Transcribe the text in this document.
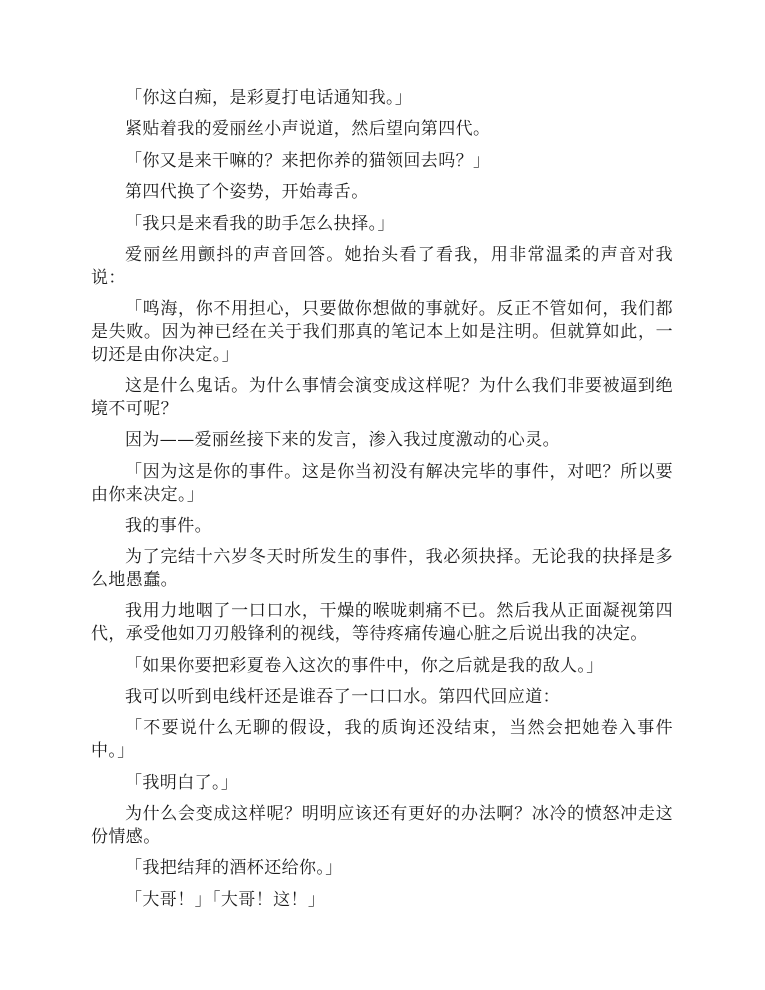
「你这白痴，是彩夏打电话通知我。」

紧贴着我的爱丽丝小声说道，然后望向第四代。

「你又是来干嘛的？来把你养的猫领回去吗？」

第四代换了个姿势，开始毒舌。

「我只是来看我的助手怎么抉择。」

爱丽丝用颤抖的声音回答。她抬头看了看我，用非常温柔的声音对我说：

「鸣海，你不用担心，只要做你想做的事就好。反正不管如何，我们都是失败。因为神已经在关于我们那真的笔记本上如是注明。但就算如此，一切还是由你决定。」

这是什么鬼话。为什么事情会演变成这样呢？为什么我们非要被逼到绝境不可呢？

因为——爱丽丝接下来的发言，渗入我过度激动的心灵。

「因为这是你的事件。这是你当初没有解决完毕的事件，对吧？所以要由你来决定。」

我的事件。

为了完结十六岁冬天时所发生的事件，我必须抉择。无论我的抉择是多么地愚蠢。

我用力地咽了一口口水，干燥的喉咙刺痛不已。然后我从正面凝视第四代，承受他如刀刃般锋利的视线，等待疼痛传遍心脏之后说出我的决定。

「如果你要把彩夏卷入这次的事件中，你之后就是我的敌人。」

我可以听到电线杆还是谁吞了一口口水。第四代回应道：

「不要说什么无聊的假设，我的质询还没结束，当然会把她卷入事件中。」

「我明白了。」

为什么会变成这样呢？明明应该还有更好的办法啊？冰冷的愤怒冲走这份情感。

「我把结拜的酒杯还给你。」

「大哥！」「大哥！这！」
